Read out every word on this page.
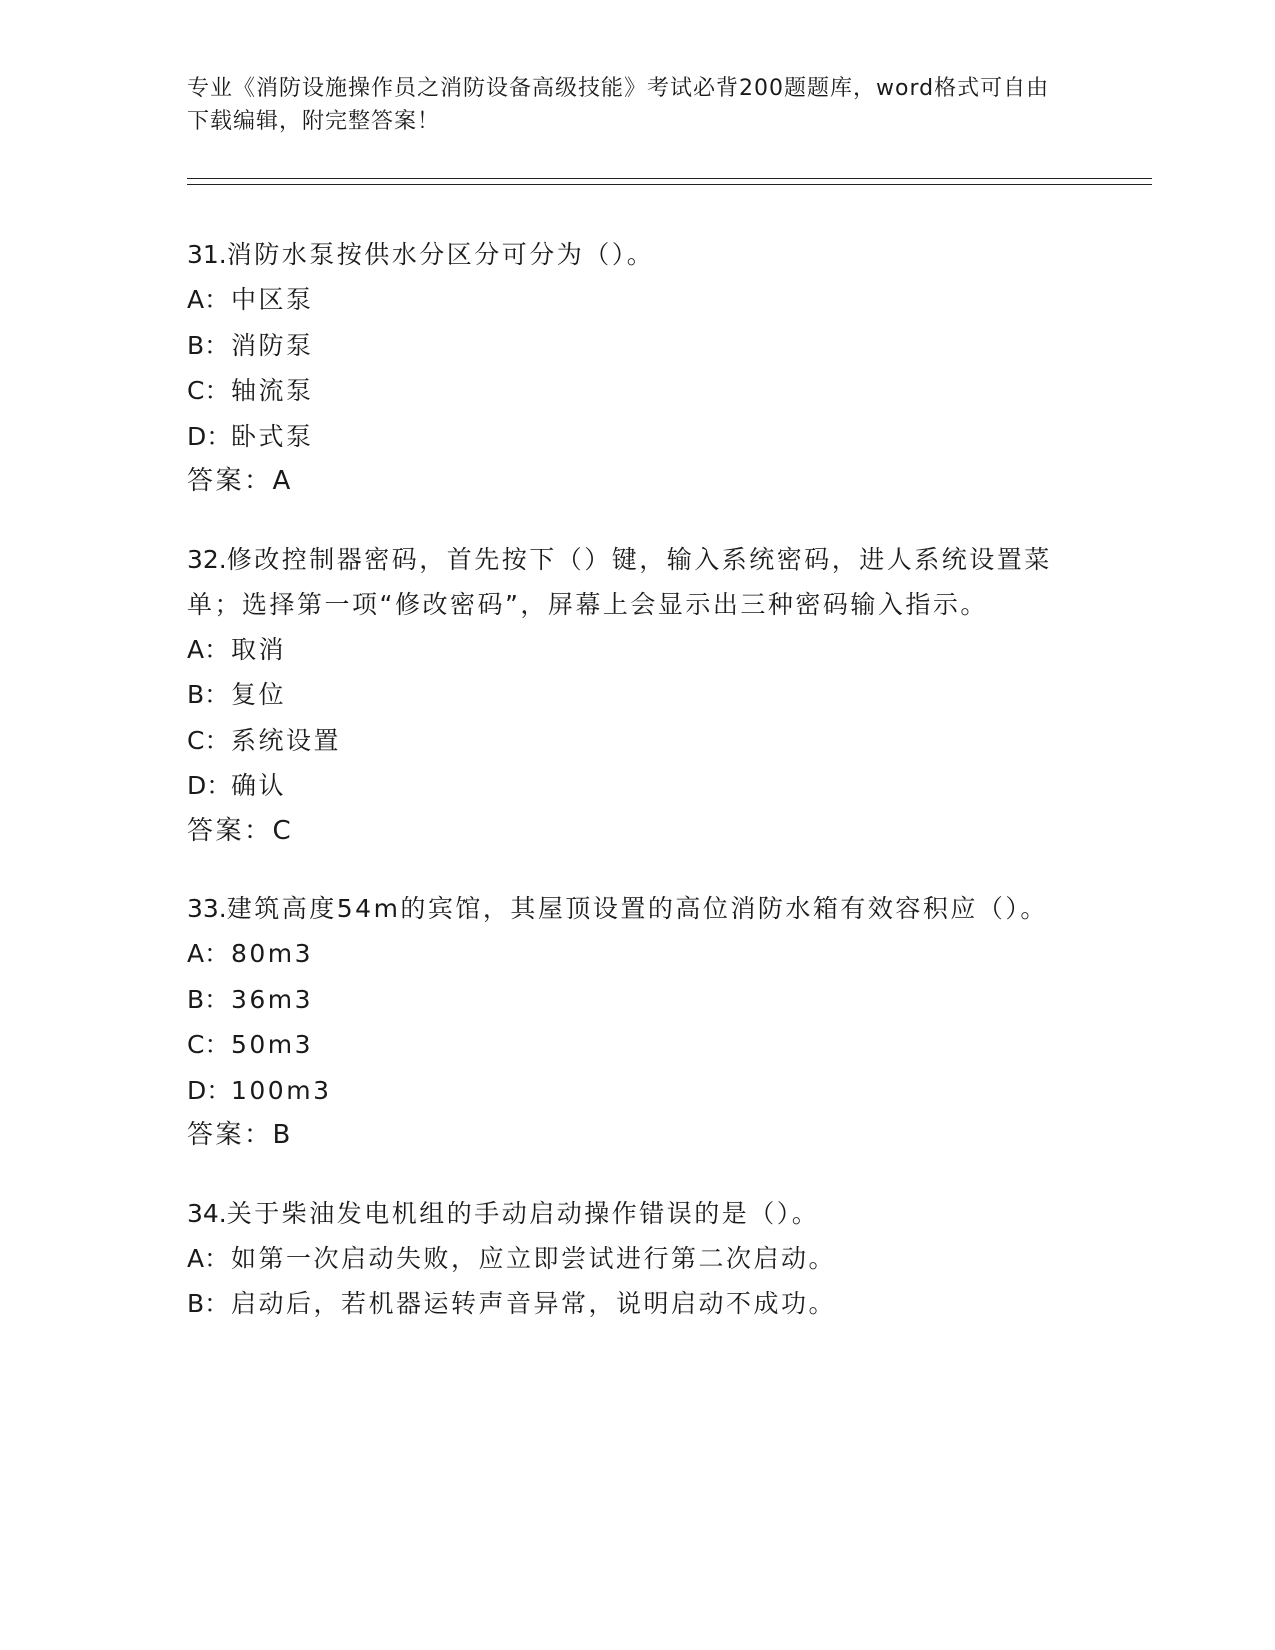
专业《消防设施操作员之消防设备高级技能》考试必背200题题库，word格式可自由下载编辑，附完整答案！
31.消防水泵按供水分区分可分为（）。
A：中区泵
B：消防泵
C：轴流泵
D：卧式泵
答案：A
32.修改控制器密码，首先按下（）键，输入系统密码，进人系统设置菜单；选择第一项“修改密码”，屏幕上会显示出三种密码输入指示。
A：取消
B：复位
C：系统设置
D：确认
答案：C
33.建筑高度54m的宾馆，其屋顶设置的高位消防水箱有效容积应（）。
A：80m3
B：36m3
C：50m3
D：100m3
答案：B
34.关于柴油发电机组的手动启动操作错误的是（）。
A：如第一次启动失败，应立即尝试进行第二次启动。
B：启动后，若机器运转声音异常，说明启动不成功。
